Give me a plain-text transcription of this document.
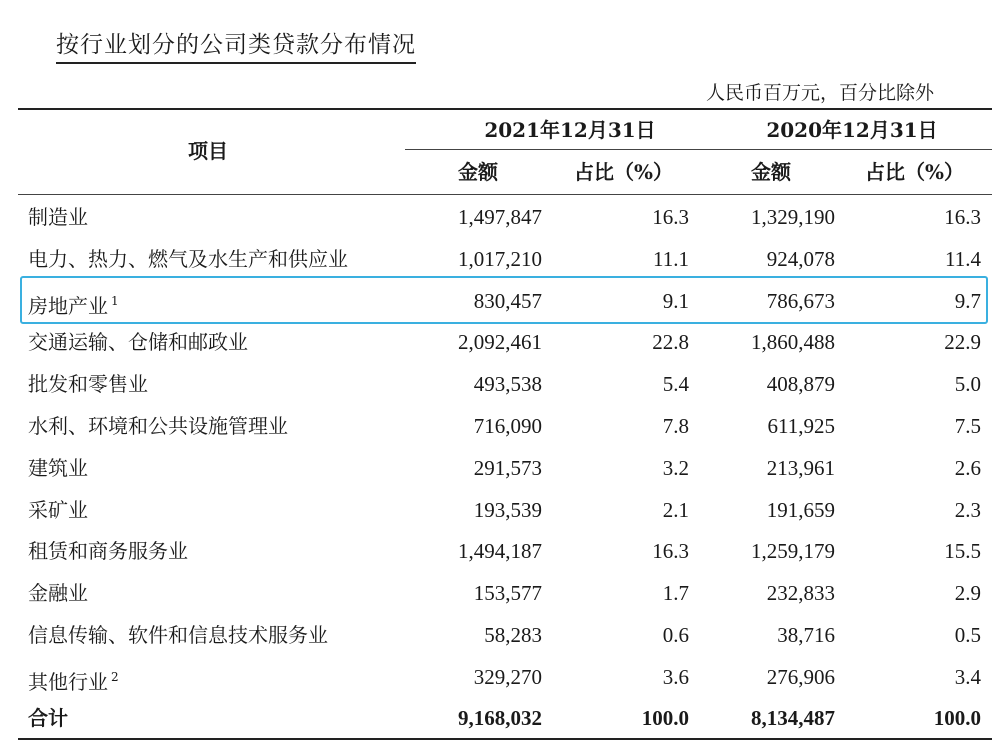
按行业划分的公司类贷款分布情况
人民币百万元，百分比除外
项目
2021年12月31日	2020年12月31日
金额	占比（%）	金额	占比（%）
制造业	1,497,847	16.3	1,329,190	16.3
电力、热力、燃气及水生产和供应业	1,017,210	11.1	924,078	11.4
房地产业 $^1$	830,457	9.1	786,673	9.7
交通运输、仓储和邮政业	2,092,461	22.8	1,860,488	22.9
批发和零售业	493,538	5.4	408,879	5.0
水利、环境和公共设施管理业	716,090	7.8	611,925	7.5
建筑业	291,573	3.2	213,961	2.6
采矿业	193,539	2.1	191,659	2.3
租赁和商务服务业	1,494,187	16.3	1,259,179	15.5
金融业	153,577	1.7	232,833	2.9
信息传输、软件和信息技术服务业	58,283	0.6	38,716	0.5
其他行业 $^2$	329,270	3.6	276,906	3.4
合计	9,168,032	100.0	8,134,487	100.0
